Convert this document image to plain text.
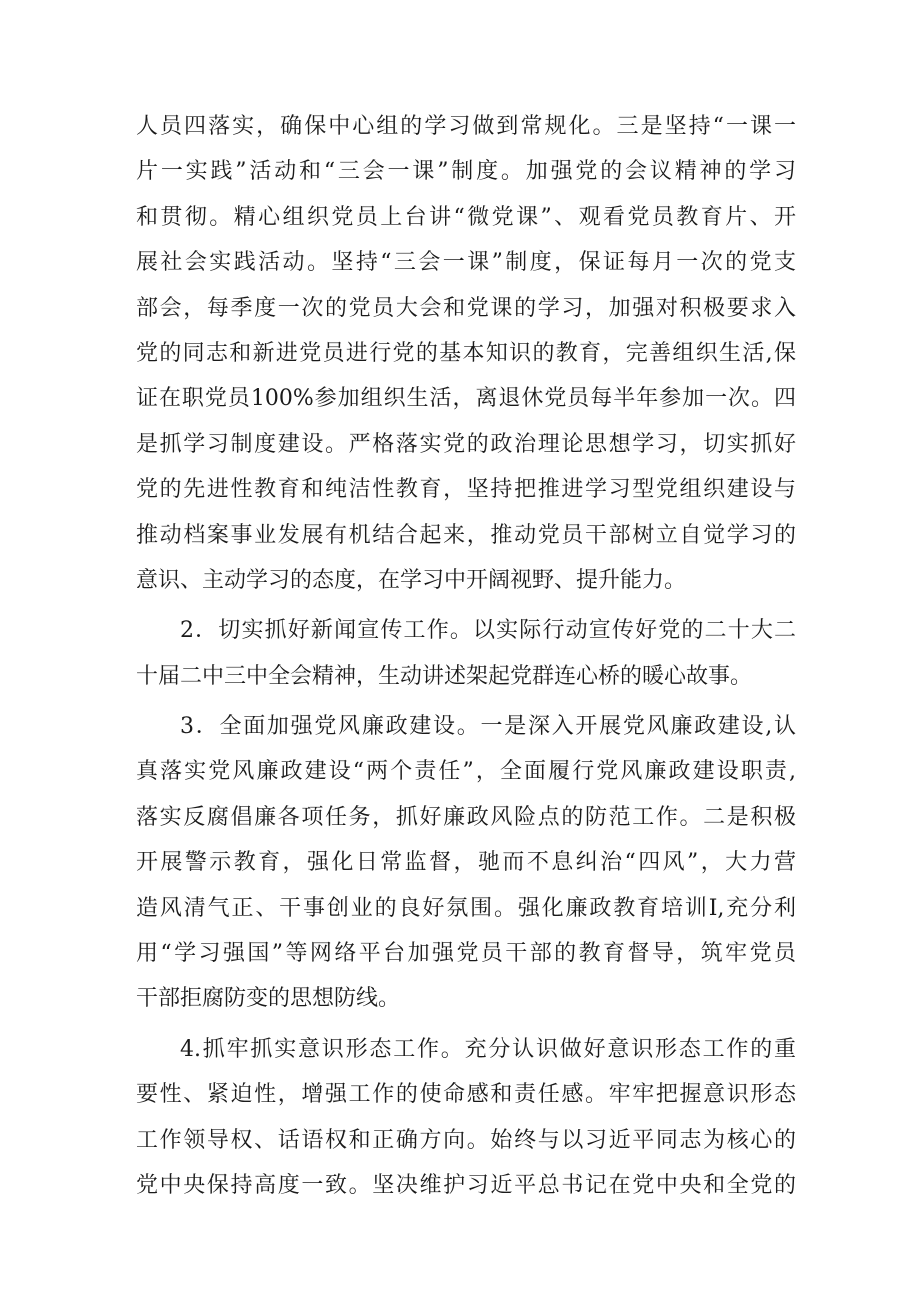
人员四落实，确保中心组的学习做到常规化。三是坚持“一课一
片一实践”活动和“三会一课”制度。加强党的会议精神的学习
和贯彻。精心组织党员上台讲“微党课”、观看党员教育片、开
展社会实践活动。坚持“三会一课”制度，保证每月一次的党支
部会，每季度一次的党员大会和党课的学习，加强对积极要求入
党的同志和新进党员进行党的基本知识的教育，完善组织生活,保
证在职党员100%参加组织生活，离退休党员每半年参加一次。四
是抓学习制度建设。严格落实党的政治理论思想学习，切实抓好
党的先进性教育和纯洁性教育，坚持把推进学习型党组织建设与
推动档案事业发展有机结合起来，推动党员干部树立自觉学习的
意识、主动学习的态度，在学习中开阔视野、提升能力。
2．切实抓好新闻宣传工作。以实际行动宣传好党的二十大二
十届二中三中全会精神，生动讲述架起党群连心桥的暖心故事。
3．全面加强党风廉政建设。一是深入开展党风廉政建设,认
真落实党风廉政建设“两个责任”，全面履行党风廉政建设职责,
落实反腐倡廉各项任务，抓好廉政风险点的防范工作。二是积极
开展警示教育，强化日常监督，驰而不息纠治“四风”，大力营
造风清气正、干事创业的良好氛围。强化廉政教育培训I,充分利
用“学习强国”等网络平台加强党员干部的教育督导，筑牢党员
干部拒腐防变的思想防线。
4.抓牢抓实意识形态工作。充分认识做好意识形态工作的重
要性、紧迫性，增强工作的使命感和责任感。牢牢把握意识形态
工作领导权、话语权和正确方向。始终与以习近平同志为核心的
党中央保持高度一致。坚决维护习近平总书记在党中央和全党的
